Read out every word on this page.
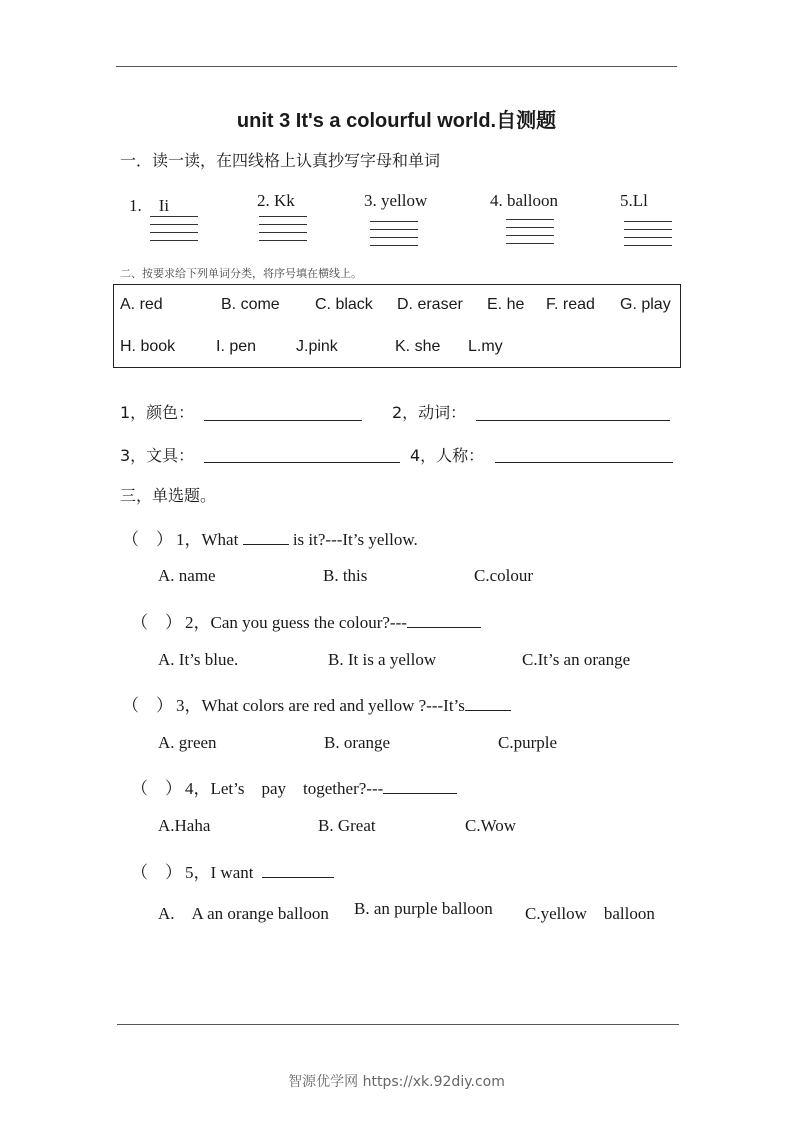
unit 3 It's a colourful world.自测题
一．读一读，在四线格上认真抄写字母和单词
1.　Ii	2. Kk	3. yellow	4. balloon	5.Ll
二、按要求给下列单词分类，将序号填在横线上。
A. red	B. come C. black D. eraser E. he F. read G. play
H. book	I. pen J.pink	K. she L.my
1，颜色：	2，动词：
3，文具：	4，人称：
三，单选题。
（　） 1，What	is it?---It’s yellow.
A. name	B. this	C.colour
（　） 2，Can you guess the colour?---
A. It’s blue.	B. It is a yellow	C.It’s an orange
（　） 3，What colors are red and yellow ?---It’s
A. green	B. orange	C.purple
（　） 4，Let’s　pay　together?---
A.Haha	B. Great	C.Wow
（　） 5，I want
A.　A an orange balloon B. an purple balloon C.yellow　balloon
智源优学网 https://xk.92diy.com
